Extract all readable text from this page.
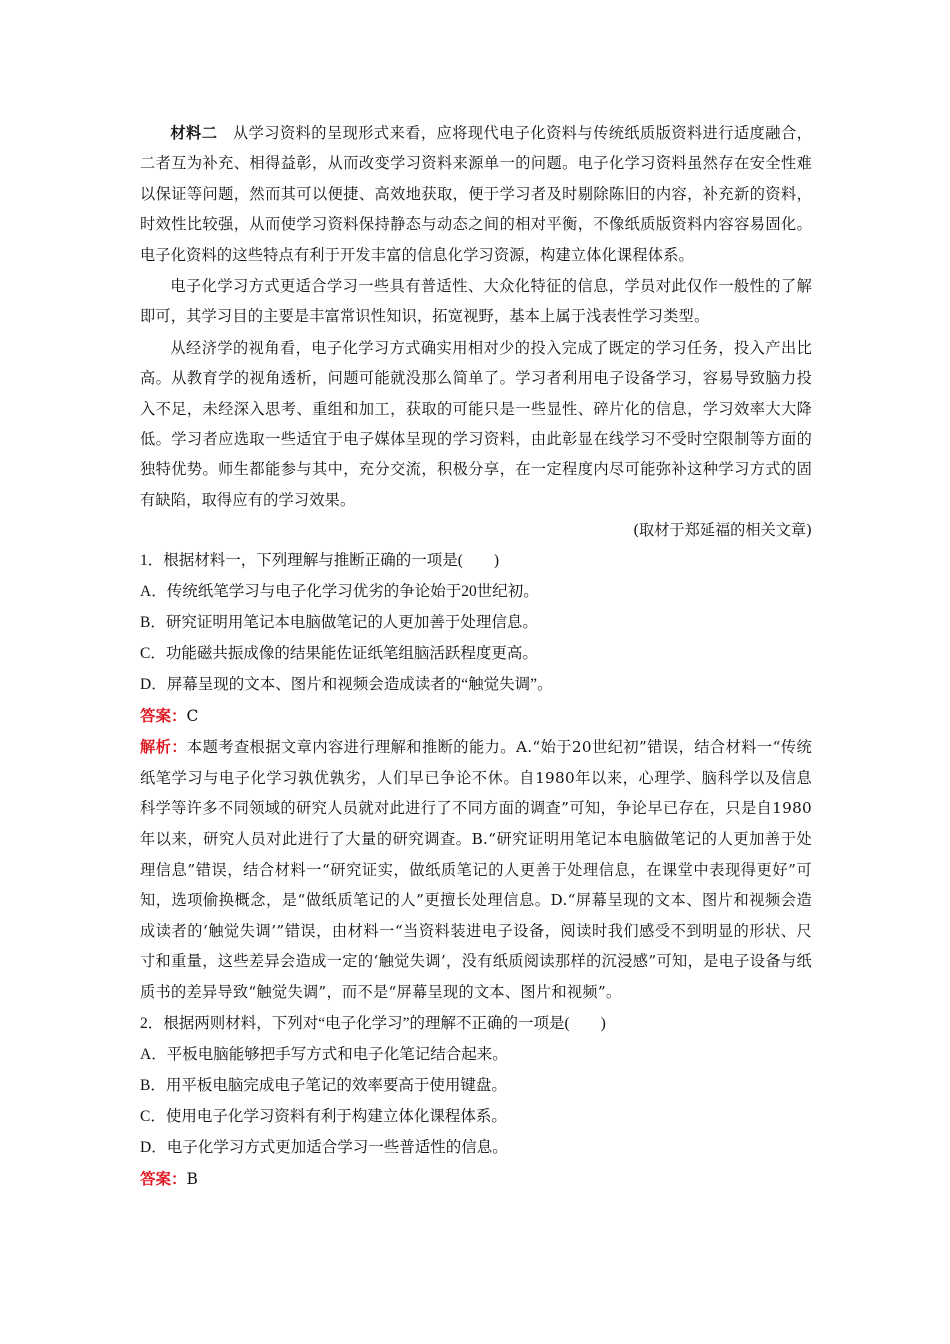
材料二　 从学习资料的呈现形式来看，应将现代电子化资料与传统纸质版资料进行适度融合，二者互为补充、相得益彰，从而改变学习资料来源单一的问题。电子化学习资料虽然存在安全性难以保证等问题，然而其可以便捷、高效地获取，便于学习者及时剔除陈旧的内容，补充新的资料，时效性比较强，从而使学习资料保持静态与动态之间的相对平衡，不像纸质版资料内容容易固化。电子化资料的这些特点有利于开发丰富的信息化学习资源，构建立体化课程体系。

电子化学习方式更适合学习一些具有普适性、大众化特征的信息，学员对此仅作一般性的了解即可，其学习目的主要是丰富常识性知识，拓宽视野，基本上属于浅表性学习类型。

从经济学的视角看，电子化学习方式确实用相对少的投入完成了既定的学习任务，投入产出比高。从教育学的视角透析，问题可能就没那么简单了。学习者利用电子设备学习，容易导致脑力投入不足，未经深入思考、重组和加工，获取的可能只是一些显性、碎片化的信息，学习效率大大降低。学习者应选取一些适宜于电子媒体呈现的学习资料，由此彰显在线学习不受时空限制等方面的独特优势。师生都能参与其中，充分交流，积极分享，在一定程度内尽可能弥补这种学习方式的固有缺陷，取得应有的学习效果。

(取材于郑延福的相关文章)

1．根据材料一，下列理解与推断正确的一项是(　　)

A．传统纸笔学习与电子化学习优劣的争论始于20世纪初。

B．研究证明用笔记本电脑做笔记的人更加善于处理信息。

C．功能磁共振成像的结果能佐证纸笔组脑活跃程度更高。

D．屏幕呈现的文本、图片和视频会造成读者的“触觉失调”。

答案：C

解析：本题考查根据文章内容进行理解和推断的能力。A.“始于20世纪初”错误，结合材料一“传统纸笔学习与电子化学习孰优孰劣，人们早已争论不休。自1980年以来，心理学、脑科学以及信息科学等许多不同领域的研究人员就对此进行了不同方面的调查”可知，争论早已存在，只是自1980年以来，研究人员对此进行了大量的研究调查。B.“研究证明用笔记本电脑做笔记的人更加善于处理信息”错误，结合材料一“研究证实，做纸质笔记的人更善于处理信息，在课堂中表现得更好”可知，选项偷换概念，是“做纸质笔记的人”更擅长处理信息。D.“屏幕呈现的文本、图片和视频会造成读者的‘触觉失调’”错误，由材料一“当资料装进电子设备，阅读时我们感受不到明显的形状、尺寸和重量，这些差异会造成一定的‘触觉失调’，没有纸质阅读那样的沉浸感”可知，是电子设备与纸质书的差异导致“触觉失调”，而不是“屏幕呈现的文本、图片和视频”。

2．根据两则材料，下列对“电子化学习”的理解不正确的一项是(　　)

A．平板电脑能够把手写方式和电子化笔记结合起来。

B．用平板电脑完成电子笔记的效率要高于使用键盘。

C．使用电子化学习资料有利于构建立体化课程体系。

D．电子化学习方式更加适合学习一些普适性的信息。

答案：B
